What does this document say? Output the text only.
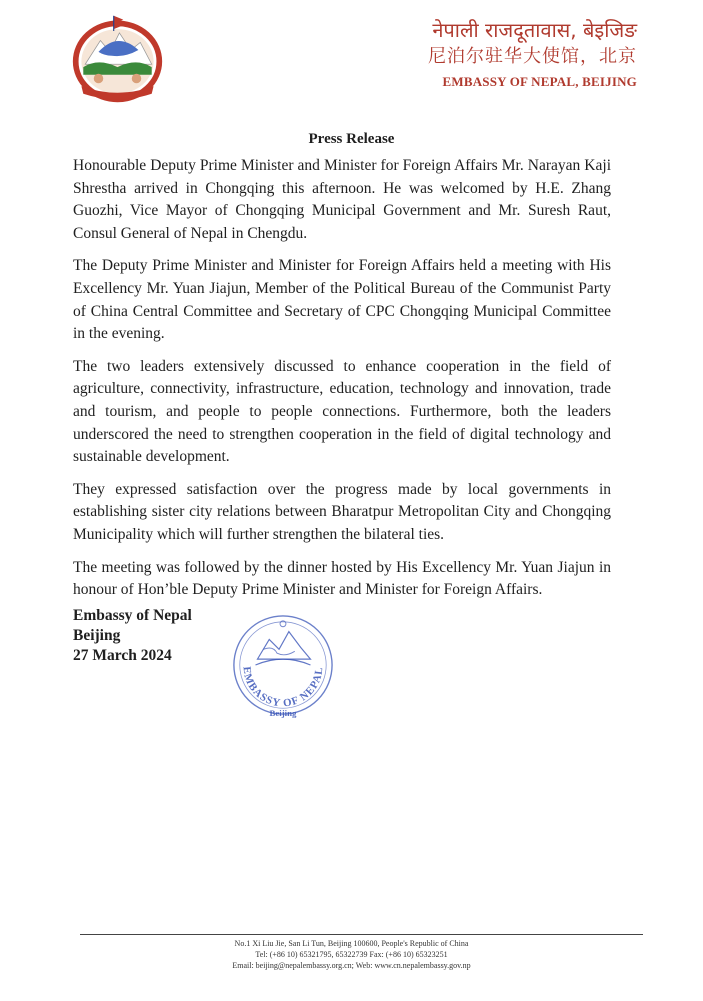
नेपाली राजदूतावास, बेइजिङ
尼泊尔驻华大使馆，北京
EMBASSY OF NEPAL, BEIJING
Press Release

Honourable Deputy Prime Minister and Minister for Foreign Affairs Mr. Narayan Kaji Shrestha arrived in Chongqing this afternoon. He was welcomed by H.E. Zhang Guozhi, Vice Mayor of Chongqing Municipal Government and Mr. Suresh Raut, Consul General of Nepal in Chengdu.

The Deputy Prime Minister and Minister for Foreign Affairs held a meeting with His Excellency Mr. Yuan Jiajun, Member of the Political Bureau of the Communist Party of China Central Committee and Secretary of CPC Chongqing Municipal Committee in the evening.

The two leaders extensively discussed to enhance cooperation in the field of agriculture, connectivity, infrastructure, education, technology and innovation, trade and tourism, and people to people connections. Furthermore, both the leaders underscored the need to strengthen cooperation in the field of digital technology and sustainable development.

They expressed satisfaction over the progress made by local governments in establishing sister city relations between Bharatpur Metropolitan City and Chongqing Municipality which will further strengthen the bilateral ties.

The meeting was followed by the dinner hosted by His Excellency Mr. Yuan Jiajun in honour of Hon’ble Deputy Prime Minister and Minister for Foreign Affairs.

Embassy of Nepal
Beijing
27 March 2024
EMBASSY OF NEPAL
Beijing
No.1 Xi Liu Jie, San Li Tun, Beijing 100600, People's Republic of China
Tel: (+86 10) 65321795, 65322739 Fax: (+86 10) 65323251
Email: beijing@nepalembassy.org.cn; Web: www.cn.nepalembassy.gov.np
